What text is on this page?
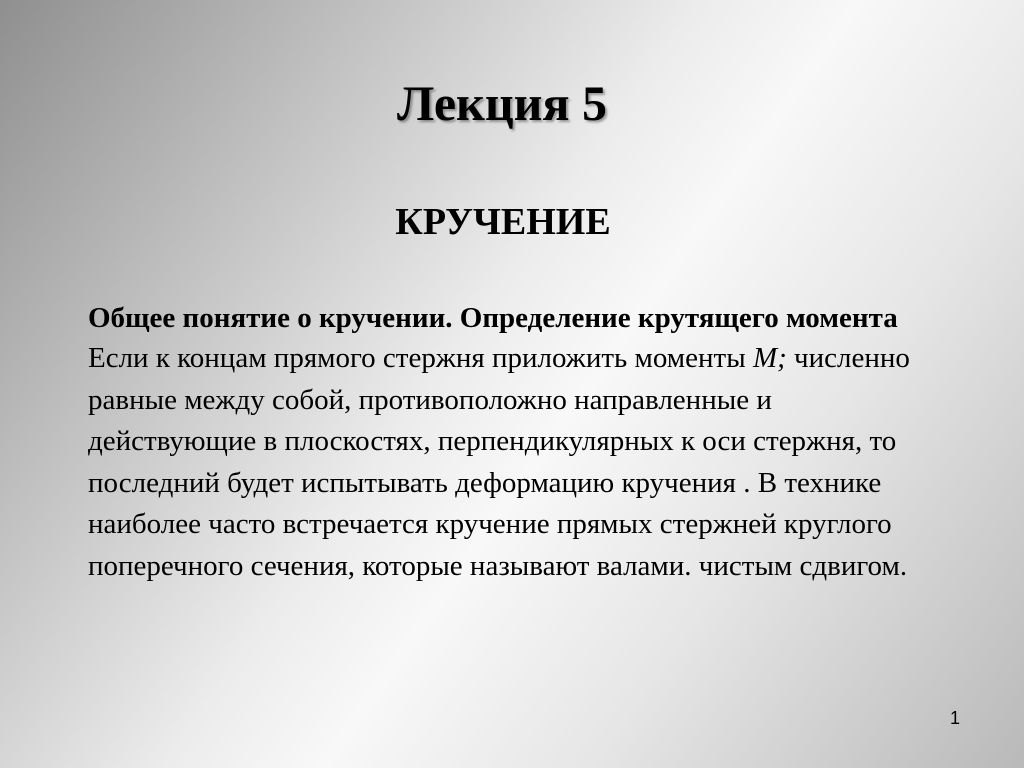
Лекция 5
КРУЧЕНИЕ
Общее понятие о кручении. Определение крутящего момента
Если к концам прямого стержня приложить моменты M; численно равные между собой, противоположно направленные и действующие в плоскостях, перпендикулярных к оси стержня, то последний будет испытывать деформацию кручения . В технике наиболее часто встречается кручение прямых стержней круглого поперечного сечения, которые называют валами. чистым сдвигом.
1
